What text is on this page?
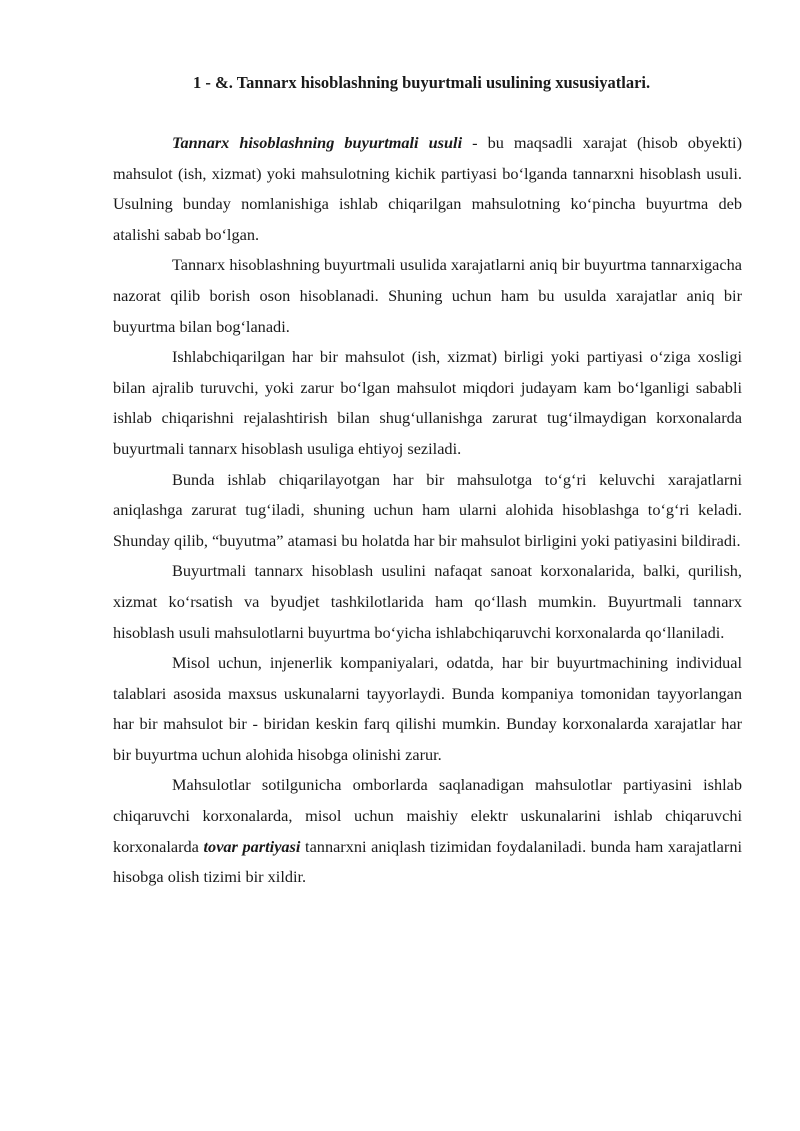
1 - &. Tannarx hisoblashning buyurtmali usulining xususiyatlari.

Tannarx hisoblashning buyurtmali usuli - bu maqsadli xarajat (hisob obyekti) mahsulot (ish, xizmat) yoki mahsulotning kichik partiyasi bo‘lganda tannarxni hisoblash usuli. Usulning bunday nomlanishiga ishlab chiqarilgan mahsulotning ko‘pincha buyurtma deb atalishi sabab bo‘lgan.

Tannarx hisoblashning buyurtmali usulida xarajatlarni aniq bir buyurtma tannarxigacha nazorat qilib borish oson hisoblanadi. Shuning uchun ham bu usulda xarajatlar aniq bir buyurtma bilan bog‘lanadi.

Ishlabchiqarilgan har bir mahsulot (ish, xizmat) birligi yoki partiyasi o‘ziga xosligi bilan ajralib turuvchi, yoki zarur bo‘lgan mahsulot miqdori judayam kam bo‘lganligi sababli ishlab chiqarishni rejalashtirish bilan shug‘ullanishga zarurat tug‘ilmaydigan korxonalarda buyurtmali tannarx hisoblash usuliga ehtiyoj seziladi.

Bunda ishlab chiqarilayotgan har bir mahsulotga to‘g‘ri keluvchi xarajatlarni aniqlashga zarurat tug‘iladi, shuning uchun ham ularni alohida hisoblashga to‘g‘ri keladi. Shunday qilib, “buyutma” atamasi bu holatda har bir mahsulot birligini yoki patiyasini bildiradi.

Buyurtmali tannarx hisoblash usulini nafaqat sanoat korxonalarida, balki, qurilish, xizmat ko‘rsatish va byudjet tashkilotlarida ham qo‘llash mumkin. Buyurtmali tannarx hisoblash usuli mahsulotlarni buyurtma bo‘yicha ishlabchiqaruvchi korxonalarda qo‘llaniladi.

Misol uchun, injenerlik kompaniyalari, odatda, har bir buyurtmachining individual talablari asosida maxsus uskunalarni tayyorlaydi. Bunda kompaniya tomonidan tayyorlangan har bir mahsulot bir - biridan keskin farq qilishi mumkin. Bunday korxonalarda xarajatlar har bir buyurtma uchun alohida hisobga olinishi zarur.

Mahsulotlar sotilgunicha omborlarda saqlanadigan mahsulotlar partiyasini ishlab chiqaruvchi korxonalarda, misol uchun maishiy elektr uskunalarini ishlab chiqaruvchi korxonalarda tovar partiyasi tannarxni aniqlash tizimidan foydalaniladi. bunda ham xarajatlarni hisobga olish tizimi bir xildir.
